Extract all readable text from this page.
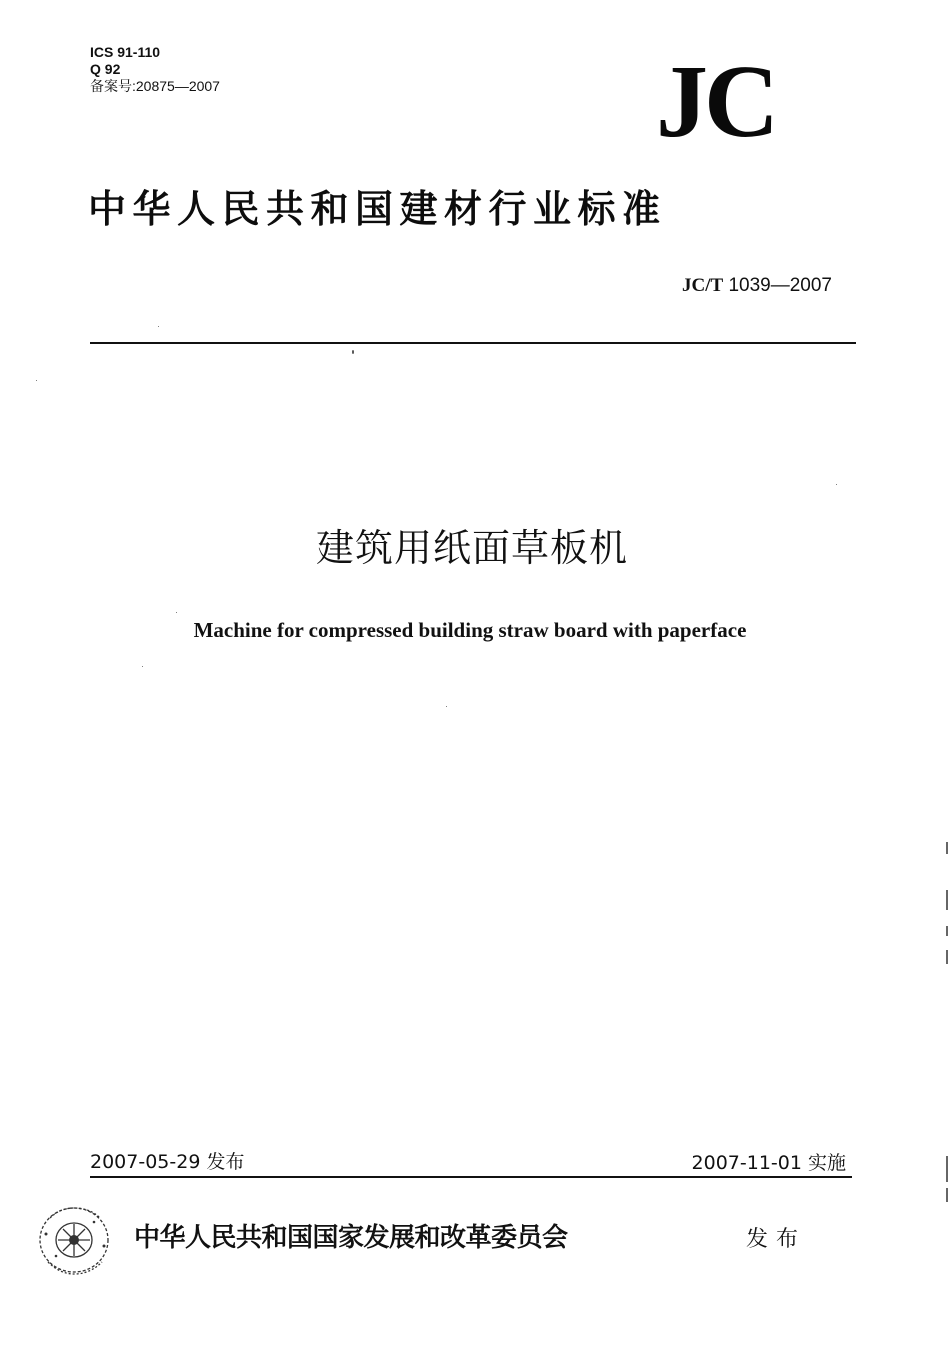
ICS 91-110
Q 92
备案号:20875—2007	JC
中华人民共和国建材行业标准
JC/T 1039—2007
建筑用纸面草板机
Machine for compressed building straw board with paperface
2007-05-29 发布	2007-11-01 实施
中华人民共和国国家发展和改革委员会	发布
